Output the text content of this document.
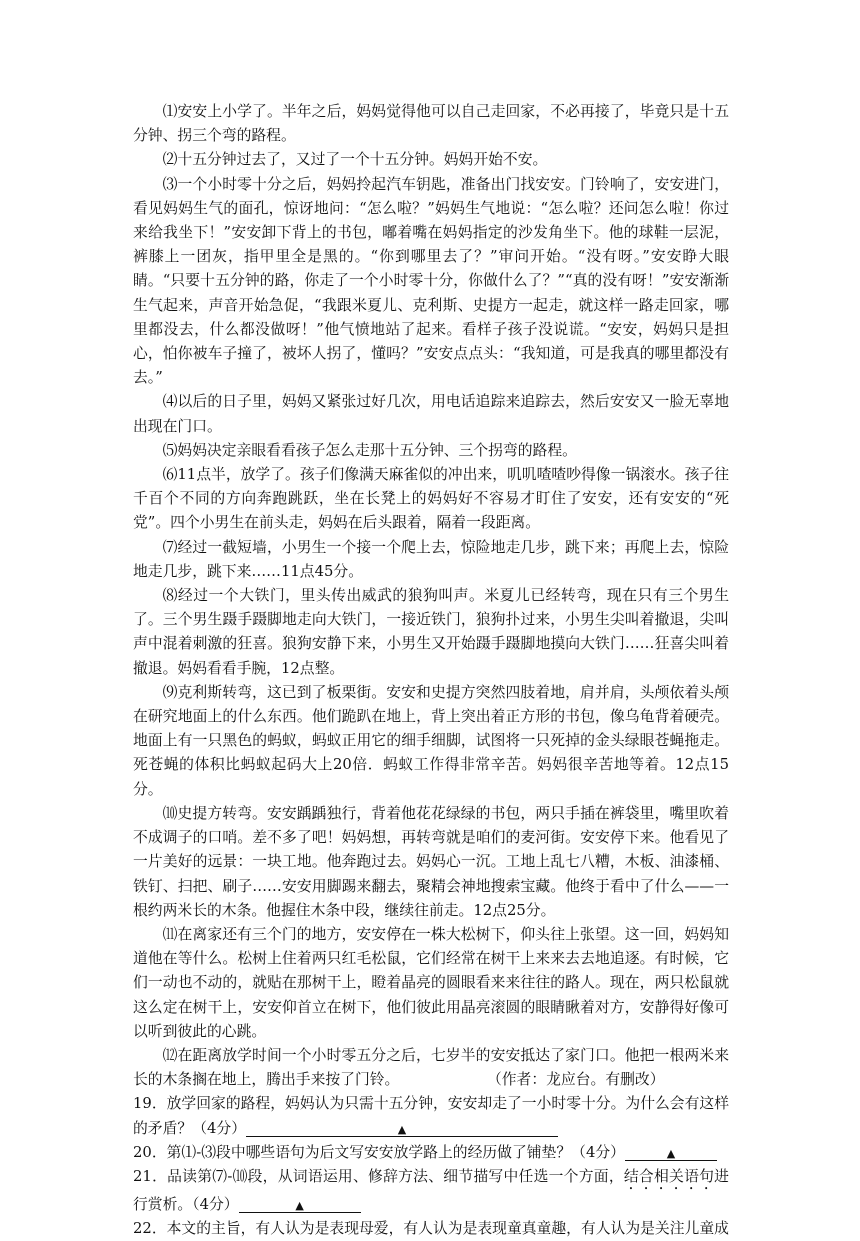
⑴安安上小学了。半年之后，妈妈觉得他可以自己走回家，不必再接了，毕竟只是十五分钟、拐三个弯的路程。

⑵十五分钟过去了，又过了一个十五分钟。妈妈开始不安。

⑶一个小时零十分之后，妈妈拎起汽车钥匙，准备出门找安安。门铃响了，安安进门，看见妈妈生气的面孔，惊讶地问：“怎么啦？”妈妈生气地说：“怎么啦？还问怎么啦！你过来给我坐下！”安安卸下背上的书包，嘟着嘴在妈妈指定的沙发角坐下。他的球鞋一层泥，裤膝上一团灰，指甲里全是黑的。“你到哪里去了？”审问开始。“没有呀。”安安睁大眼睛。“只要十五分钟的路，你走了一个小时零十分，你做什么了？”“真的没有呀！”安安渐渐生气起来，声音开始急促，“我跟米夏儿、克利斯、史提方一起走，就这样一路走回家，哪里都没去，什么都没做呀！”他气愤地站了起来。看样子孩子没说谎。“安安，妈妈只是担心，怕你被车子撞了，被坏人拐了，懂吗？”安安点点头：“我知道，可是我真的哪里都没有去。”

⑷以后的日子里，妈妈又紧张过好几次，用电话追踪来追踪去，然后安安又一脸无辜地出现在门口。

⑸妈妈决定亲眼看看孩子怎么走那十五分钟、三个拐弯的路程。

⑹11点半，放学了。孩子们像满天麻雀似的冲出来，叽叽喳喳吵得像一锅滚水。孩子往千百个不同的方向奔跑跳跃，坐在长凳上的妈妈好不容易才盯住了安安，还有安安的“死党”。四个小男生在前头走，妈妈在后头跟着，隔着一段距离。

⑺经过一截短墙，小男生一个接一个爬上去，惊险地走几步，跳下来；再爬上去，惊险地走几步，跳下来……11点45分。

⑻经过一个大铁门，里头传出威武的狼狗叫声。米夏儿已经转弯，现在只有三个男生了。三个男生蹑手蹑脚地走向大铁门，一接近铁门，狼狗扑过来，小男生尖叫着撤退，尖叫声中混着刺激的狂喜。狼狗安静下来，小男生又开始蹑手蹑脚地摸向大铁门……狂喜尖叫着撤退。妈妈看看手腕，12点整。

⑼克利斯转弯，这已到了板栗街。安安和史提方突然四肢着地，肩并肩，头颅依着头颅在研究地面上的什么东西。他们跪趴在地上，背上突出着正方形的书包，像乌龟背着硬壳。地面上有一只黑色的蚂蚁，蚂蚁正用它的细手细脚，试图将一只死掉的金头绿眼苍蝇拖走。死苍蝇的体积比蚂蚁起码大上20倍．蚂蚁工作得非常辛苦。妈妈很辛苦地等着。12点15分。

⑽史提方转弯。安安踽踽独行，背着他花花绿绿的书包，两只手插在裤袋里，嘴里吹着不成调子的口哨。差不多了吧！妈妈想，再转弯就是咱们的麦河街。安安停下来。他看见了一片美好的远景：一块工地。他奔跑过去。妈妈心一沉。工地上乱七八糟，木板、油漆桶、铁钉、扫把、刷子……安安用脚踢来翻去，聚精会神地搜索宝藏。他终于看中了什么——一根约两米长的木条。他握住木条中段，继续往前走。12点25分。

⑾在离家还有三个门的地方，安安停在一株大松树下，仰头往上张望。这一回，妈妈知道他在等什么。松树上住着两只红毛松鼠，它们经常在树干上来来去去地追逐。有时候，它们一动也不动的，就贴在那树干上，瞪着晶亮的圆眼看来来往往的路人。现在，两只松鼠就这么定在树干上，安安仰首立在树下，他们彼此用晶亮滚圆的眼睛瞅着对方，安静得好像可以听到彼此的心跳。

⑿在距离放学时间一个小时零五分之后，七岁半的安安抵达了家门口。他把一根两米来长的木条搁在地上，腾出手来按了门铃。	（作者：龙应台。有删改）

19．放学回家的路程，妈妈认为只需十五分钟，安安却走了一小时零十分。为什么会有这样的矛盾？（4分）	▲

20．第⑴-⑶段中哪些语句为后文写安安放学路上的经历做了铺垫？（4分）	▲

21．品读第⑺-⑽段，从词语运用、修辞方法、细节描写中任选一个方面，结合相关语句进行赏析。（4分）	▲

22．本文的主旨，有人认为是表现母爱，有人认为是表现童真童趣，有人认为是关注儿童成
